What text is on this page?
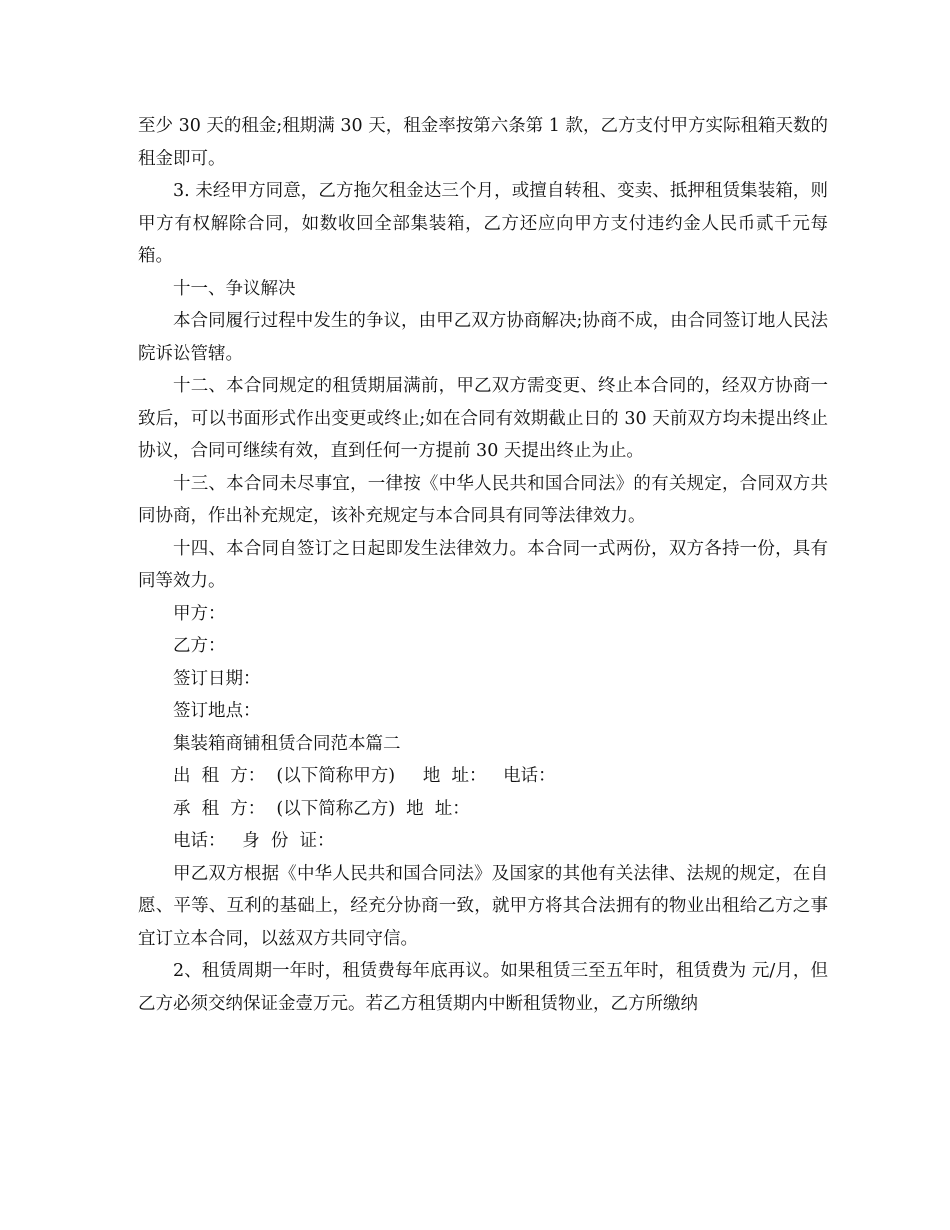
至少 30 天的租金;租期满 30 天，租金率按第六条第 1 款，乙方支付甲方实际租箱天数的租金即可。

3. 未经甲方同意，乙方拖欠租金达三个月，或擅自转租、变卖、抵押租赁集装箱，则甲方有权解除合同，如数收回全部集装箱，乙方还应向甲方支付违约金人民币贰千元每箱。

十一、争议解决

本合同履行过程中发生的争议，由甲乙双方协商解决;协商不成，由合同签订地人民法院诉讼管辖。

十二、本合同规定的租赁期届满前，甲乙双方需变更、终止本合同的，经双方协商一致后，可以书面形式作出变更或终止;如在合同有效期截止日的 30 天前双方均未提出终止协议，合同可继续有效，直到任何一方提前 30 天提出终止为止。

十三、本合同未尽事宜，一律按《中华人民共和国合同法》的有关规定，合同双方共同协商，作出补充规定，该补充规定与本合同具有同等法律效力。

十四、本合同自签订之日起即发生法律效力。本合同一式两份，双方各持一份，具有同等效力。

甲方：

乙方：

签订日期：

签订地点：

集装箱商铺租赁合同范本篇二

出  租  方：  (以下简称甲方)     地  址：   电话：

承  租  方：  (以下简称乙方)  地  址：

电话：   身  份  证：

甲乙双方根据《中华人民共和国合同法》及国家的其他有关法律、法规的规定，在自愿、平等、互利的基础上，经充分协商一致，就甲方将其合法拥有的物业出租给乙方之事宜订立本合同，以兹双方共同守信。

2、租赁周期一年时，租赁费每年底再议。如果租赁三至五年时，租赁费为 元/月，但乙方必须交纳保证金壹万元。若乙方租赁期内中断租赁物业，乙方所缴纳
